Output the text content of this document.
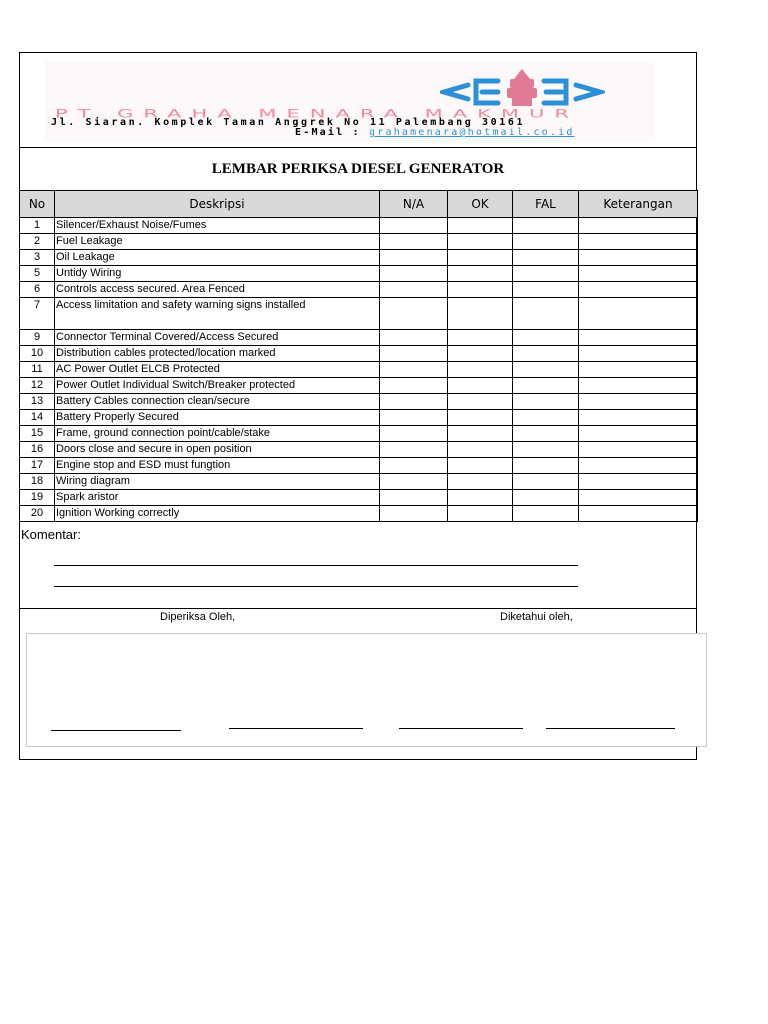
PT GRAHA MENARA MAKMUR
Jl. Siaran. Komplek Taman Anggrek No 11 Palembang 30161
E-Mail : grahamenara@hotmail.co.id
LEMBAR PERIKSA DIESEL GENERATOR
No	Deskripsi	N/A	OK	FAL	Keterangan
1	Silencer/Exhaust Noise/Fumes				
2	Fuel Leakage				
3	Oil Leakage				
5	Untidy Wiring				
6	Controls access secured. Area Fenced				
7	Access limitation and safety warning signs installed				
9	Connector Terminal Covered/Access Secured				
10	Distribution cables protected/location marked				
11	AC Power Outlet ELCB Protected				
12	Power Outlet Individual Switch/Breaker protected				
13	Battery Cables connection clean/secure				
14	Battery Properly Secured				
15	Frame, ground connection point/cable/stake				
16	Doors close and secure in open position				
17	Engine stop and ESD must fungtion				
18	Wiring diagram				
19	Spark aristor				
20	Ignition Working correctly				
Komentar:
Diperiksa Oleh,	Diketahui oleh,
